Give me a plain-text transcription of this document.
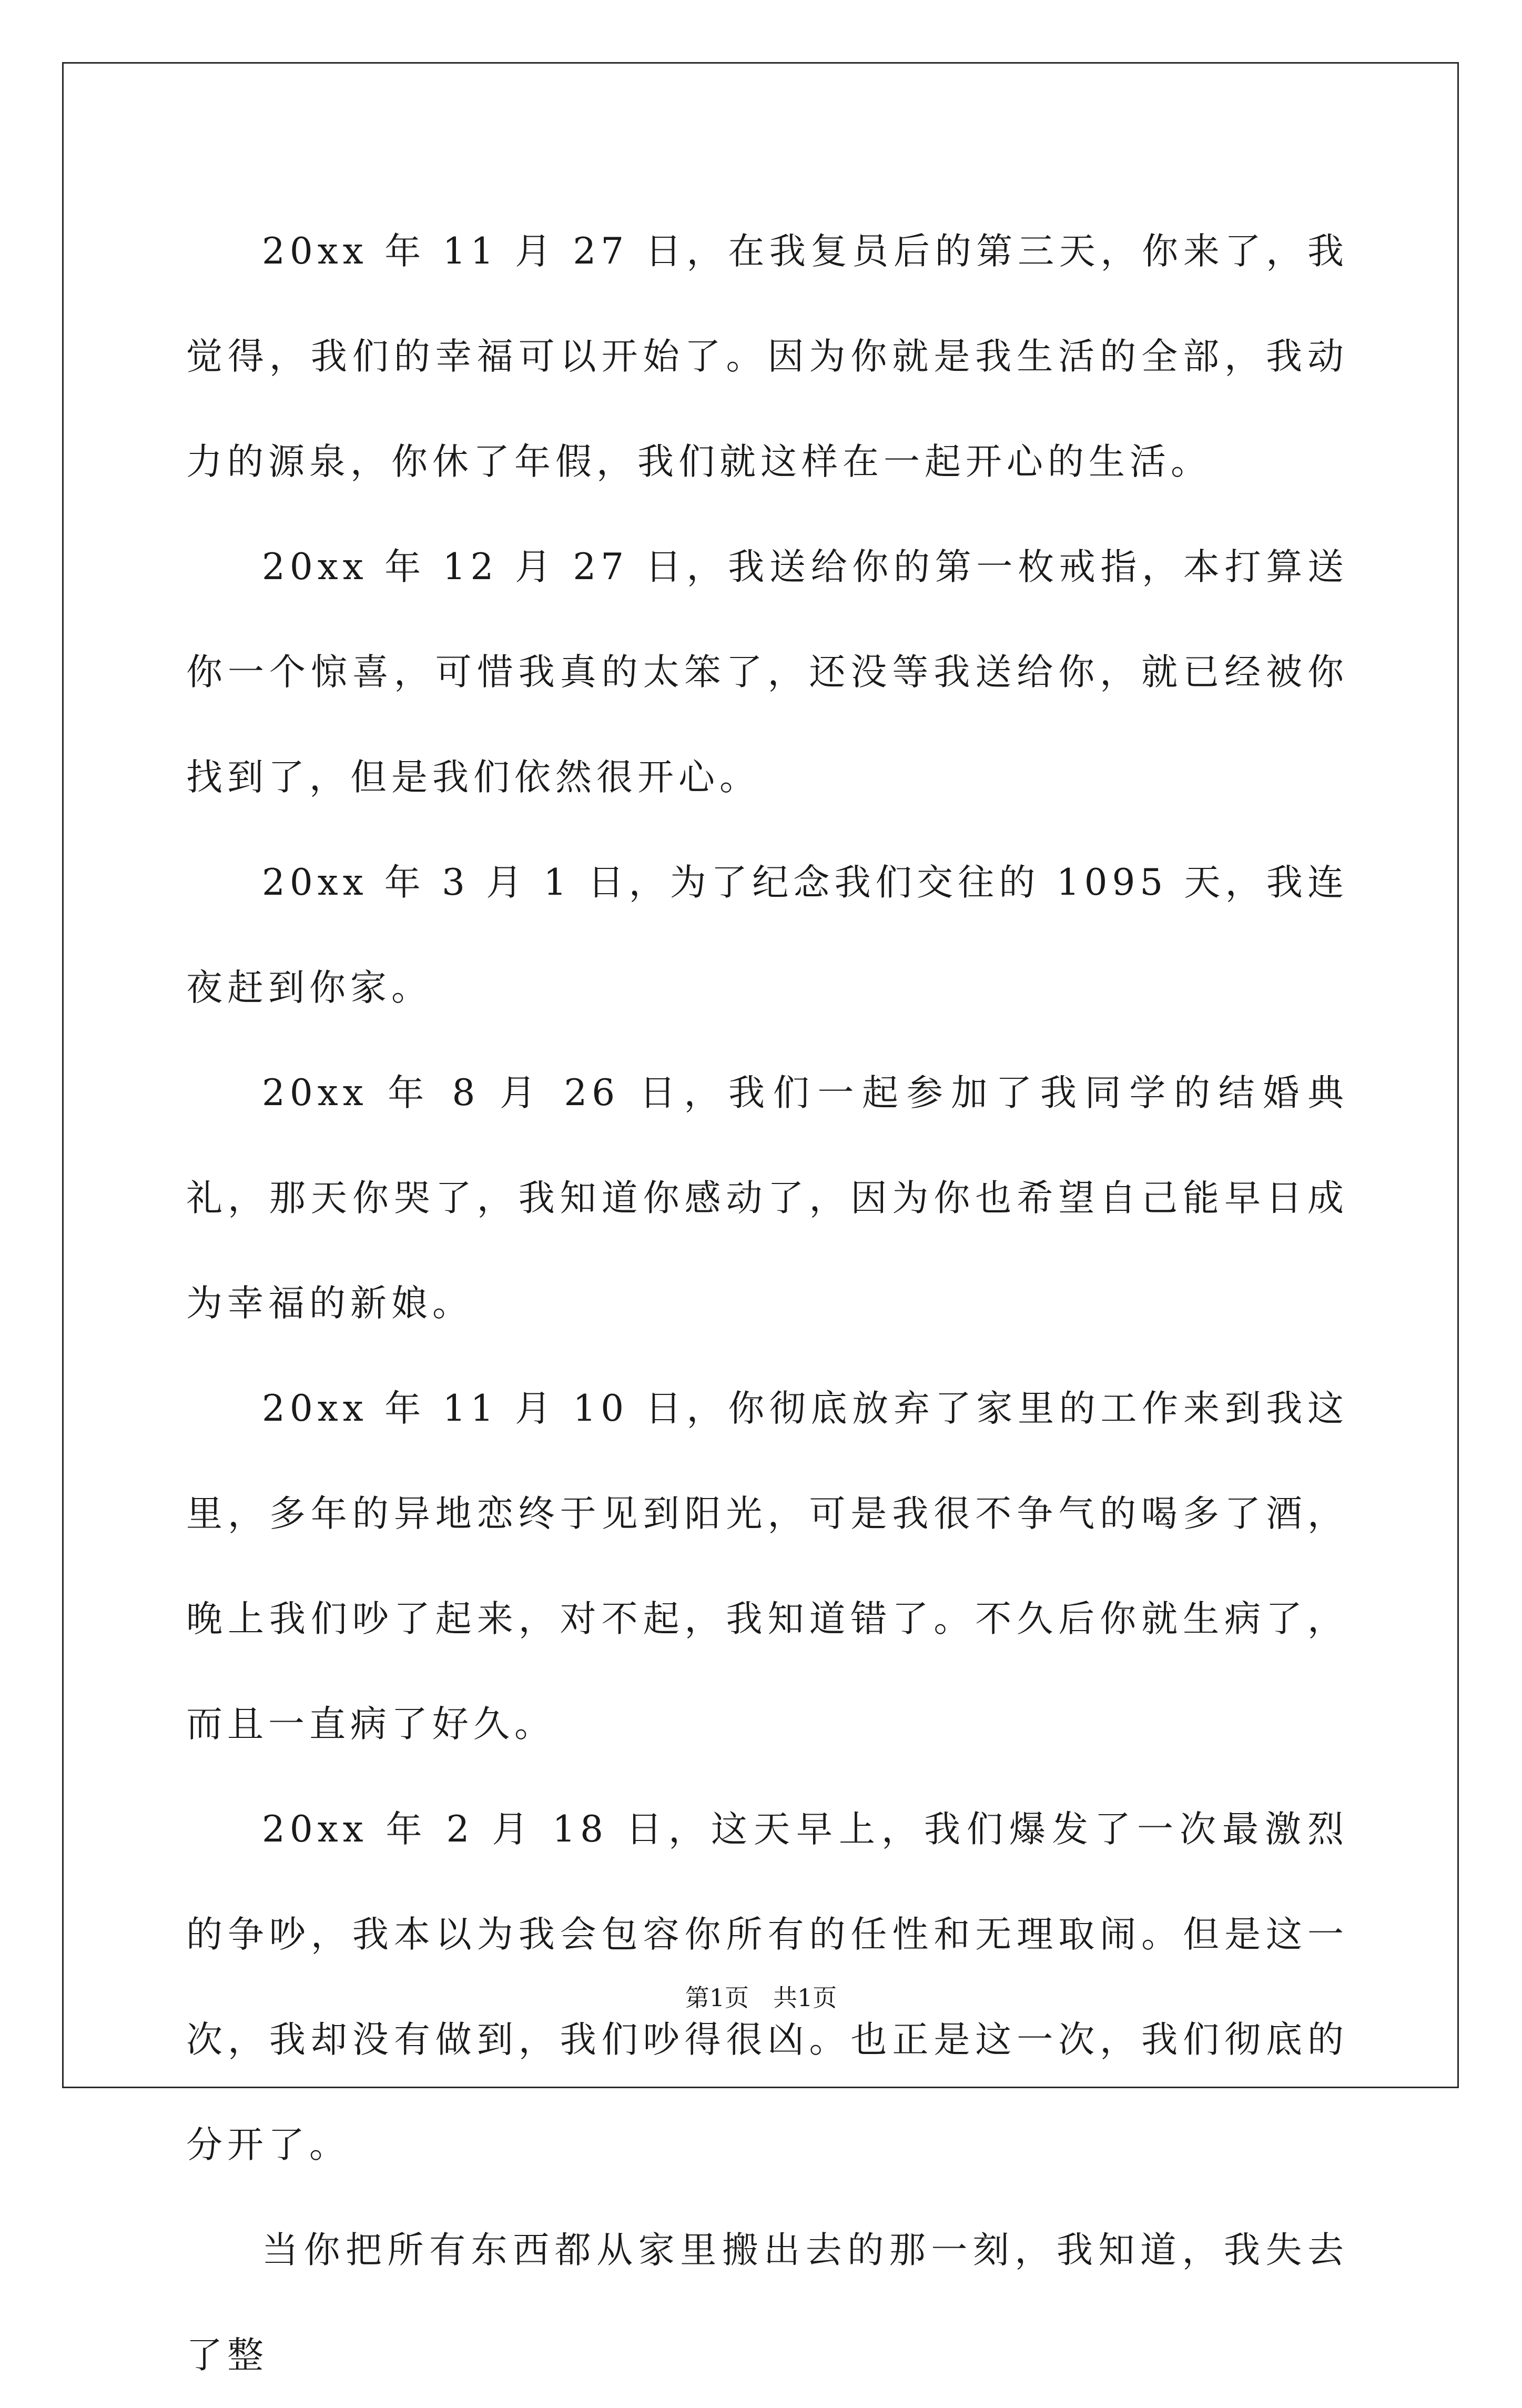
20xx 年 11 月 27 日，在我复员后的第三天，你来了，我觉得，我们的幸福可以开始了。因为你就是我生活的全部，我动力的源泉，你休了年假，我们就这样在一起开心的生活。

20xx 年 12 月 27 日，我送给你的第一枚戒指，本打算送你一个惊喜，可惜我真的太笨了，还没等我送给你，就已经被你找到了，但是我们依然很开心。

20xx 年 3 月 1 日，为了纪念我们交往的 1095 天，我连夜赶到你家。

20xx 年 8 月 26 日，我们一起参加了我同学的结婚典礼，那天你哭了，我知道你感动了，因为你也希望自己能早日成为幸福的新娘。

20xx 年 11 月 10 日，你彻底放弃了家里的工作来到我这里，多年的异地恋终于见到阳光，可是我很不争气的喝多了酒，晚上我们吵了起来，对不起，我知道错了。不久后你就生病了，而且一直病了好久。

20xx 年 2 月 18 日，这天早上，我们爆发了一次最激烈的争吵，我本以为我会包容你所有的任性和无理取闹。但是这一次，我却没有做到，我们吵得很凶。也正是这一次，我们彻底的分开了。

当你把所有东西都从家里搬出去的那一刻，我知道，我失去了整

第1页　共1页
